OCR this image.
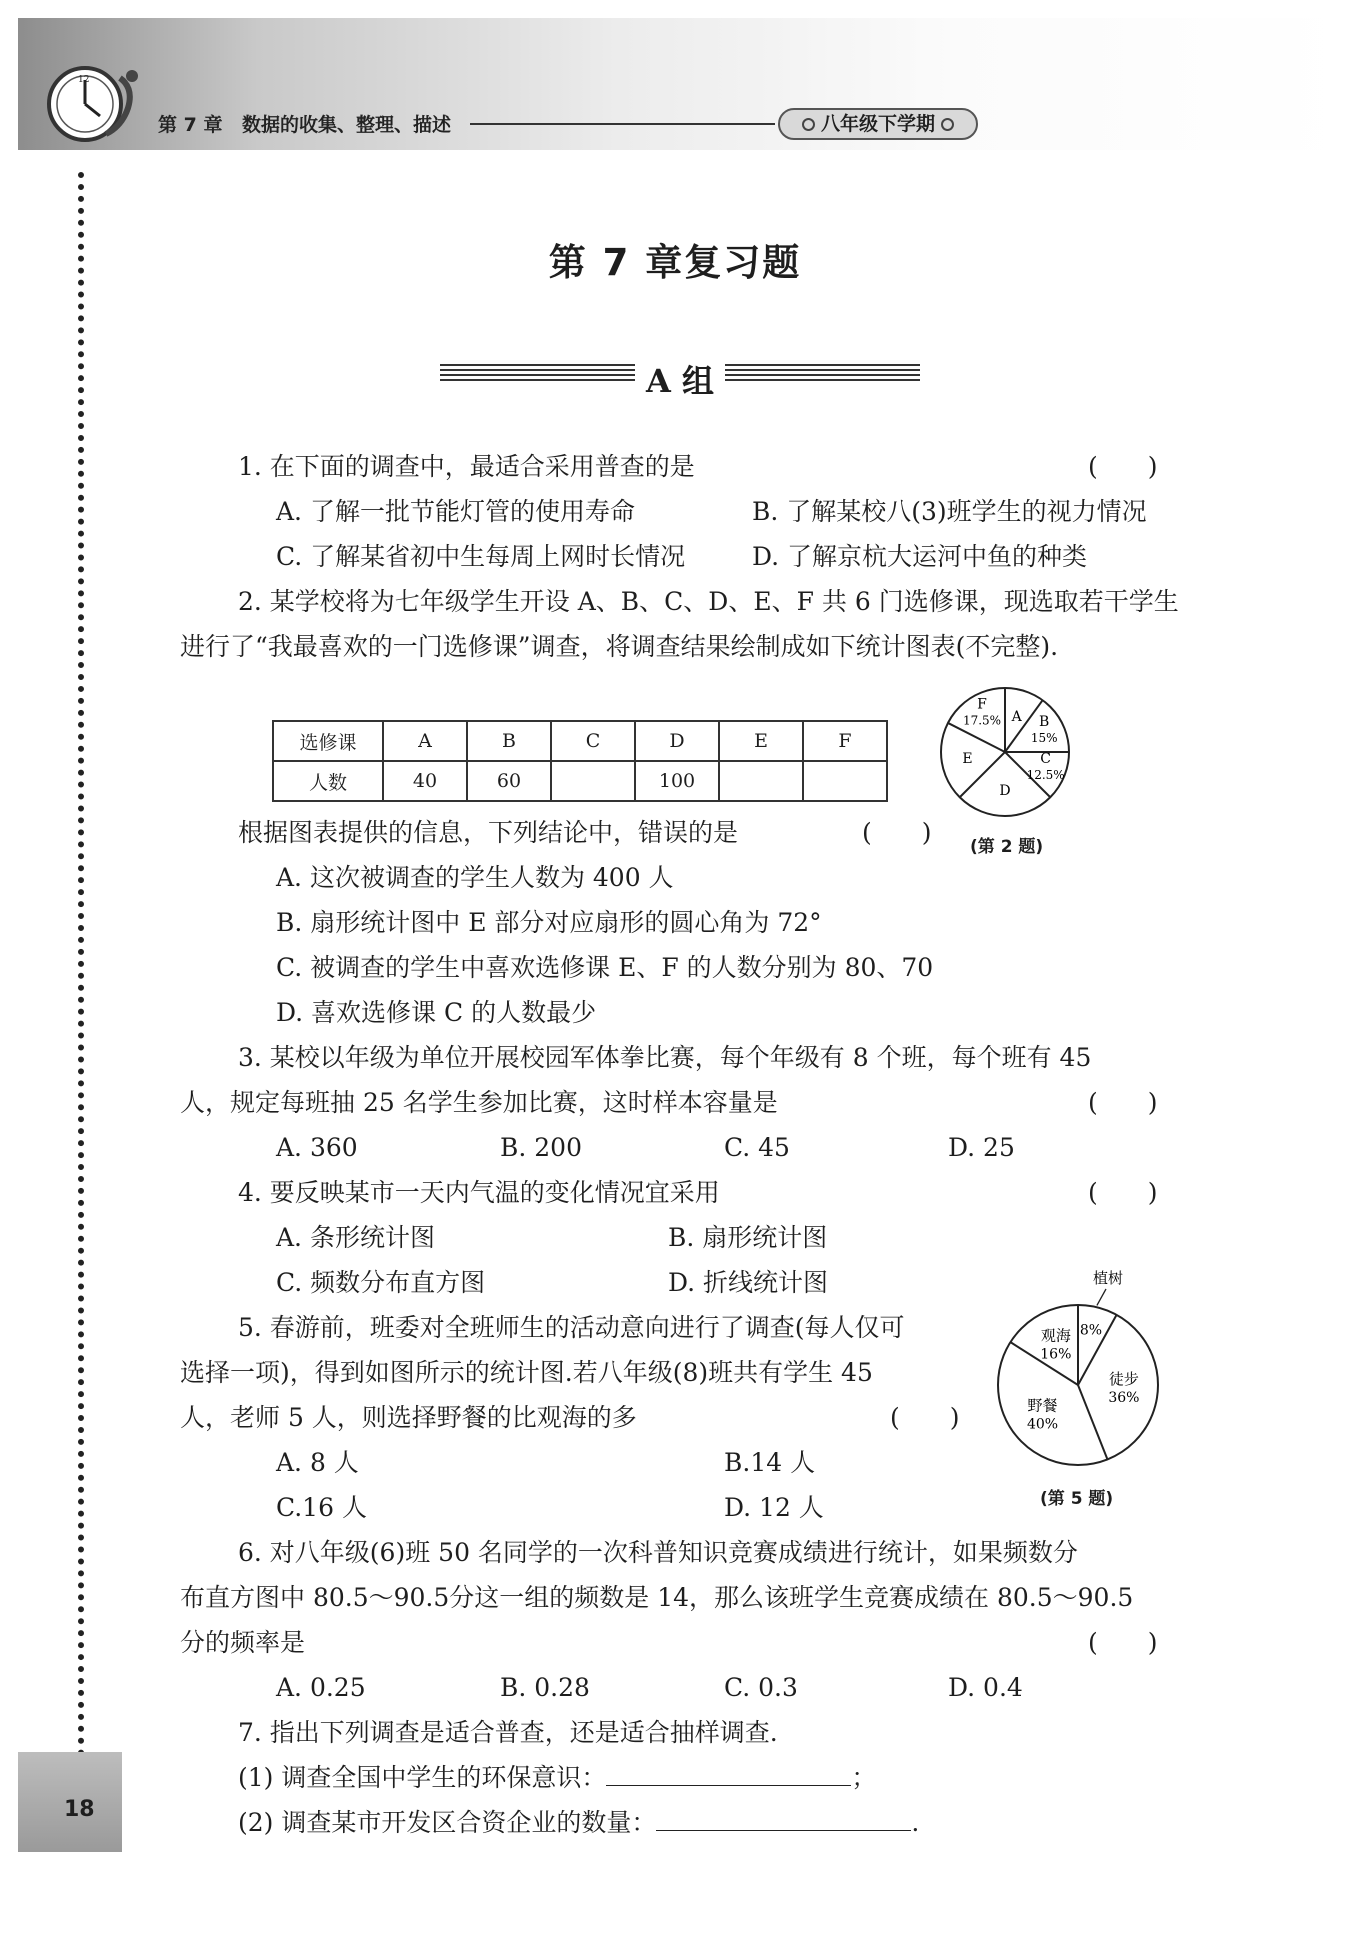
12
第 7 章 数据的收集、整理、描述	八年级下学期
18
第 7 章复习题
A 组
1. 在下面的调查中，最适合采用普查的是	(　　)
A. 了解一批节能灯管的使用寿命	B. 了解某校八(3)班学生的视力情况
C. 了解某省初中生每周上网时长情况	D. 了解京杭大运河中鱼的种类
2. 某学校将为七年级学生开设 A、B、C、D、E、F 共 6 门选修课，现选取若干学生
进行了“我最喜欢的一门选修课”调查，将调查结果绘制成如下统计图表(不完整).
选修课	A	B	C	D	E	F
人数	40	60		100		
A B
15%
C
12.5%
D
E
F
17.5%
(第 2 题)
根据图表提供的信息，下列结论中，错误的是	(　　)
A. 这次被调查的学生人数为 400 人
B. 扇形统计图中 E 部分对应扇形的圆心角为 72°
C. 被调查的学生中喜欢选修课 E、F 的人数分别为 80、70
D. 喜欢选修课 C 的人数最少
3. 某校以年级为单位开展校园军体拳比赛，每个年级有 8 个班，每个班有 45
人，规定每班抽 25 名学生参加比赛，这时样本容量是	(　　)
A. 360	B. 200	C. 45	D. 25
4. 要反映某市一天内气温的变化情况宜采用	(　　)
A. 条形统计图	B. 扇形统计图
C. 频数分布直方图	D. 折线统计图	植树
8%
徒步
36%
野餐
40%
观海
16%
(第 5 题)
5. 春游前，班委对全班师生的活动意向进行了调查(每人仅可
选择一项)，得到如图所示的统计图.若八年级(8)班共有学生 45
人，老师 5 人，则选择野餐的比观海的多	(　　)
A. 8 人	B.14 人
C.16 人	D. 12 人
6. 对八年级(6)班 50 名同学的一次科普知识竞赛成绩进行统计，如果频数分
布直方图中 80.5～90.5分这一组的频数是 14，那么该班学生竞赛成绩在 80.5～90.5
分的频率是	(　　)
A. 0.25	B. 0.28	C. 0.3	D. 0.4
7. 指出下列调查是适合普查，还是适合抽样调查.
(1) 调查全国中学生的环保意识：	；
(2) 调查某市开发区合资企业的数量：	.
